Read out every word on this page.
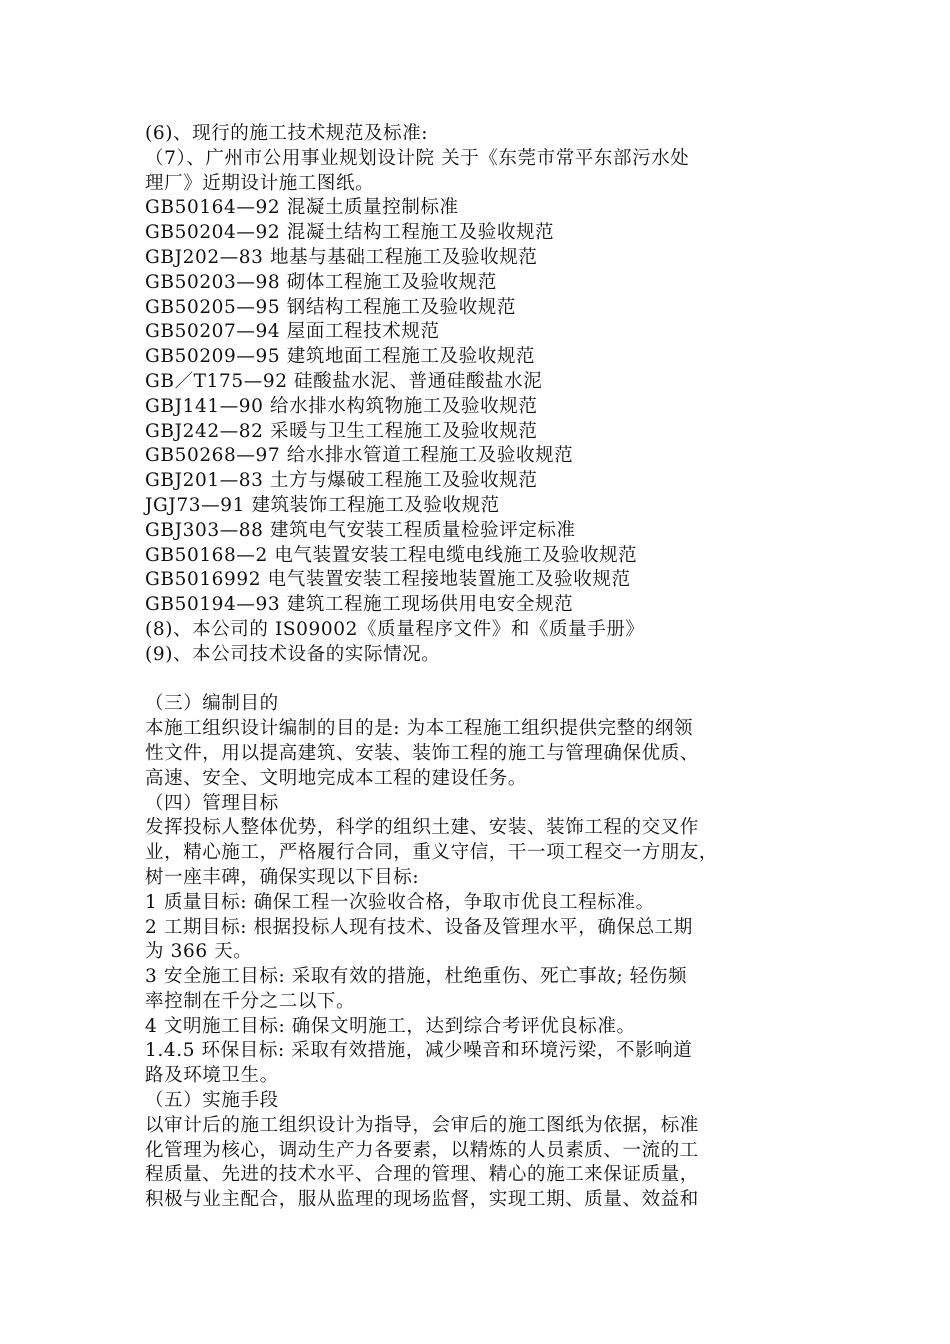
(6)、现行的施工技术规范及标准:
（7）、广州市公用事业规划设计院 关于《东莞市常平东部污水处
理厂》近期设计施工图纸。
GB50164—92 混凝土质量控制标准
GB50204—92 混凝土结构工程施工及验收规范
GBJ202—83 地基与基础工程施工及验收规范
GB50203—98 砌体工程施工及验收规范
GB50205—95 钢结构工程施工及验收规范
GB50207—94 屋面工程技术规范
GB50209—95 建筑地面工程施工及验收规范
GB／T175—92 硅酸盐水泥、普通硅酸盐水泥
GBJ141—90 给水排水构筑物施工及验收规范
GBJ242—82 采暖与卫生工程施工及验收规范
GB50268—97 给水排水管道工程施工及验收规范
GBJ201—83 土方与爆破工程施工及验收规范
JGJ73—91 建筑装饰工程施工及验收规范
GBJ303—88 建筑电气安装工程质量检验评定标准
GB50168—2 电气装置安装工程电缆电线施工及验收规范
GB5016992 电气装置安装工程接地装置施工及验收规范
GB50194—93 建筑工程施工现场供用电安全规范
(8)、本公司的 IS09002《质量程序文件》和《质量手册》
(9)、本公司技术设备的实际情况。
（三）编制目的
本施工组织设计编制的目的是: 为本工程施工组织提供完整的纲领
性文件，用以提高建筑、安装、装饰工程的施工与管理确保优质、
高速、安全、文明地完成本工程的建设任务。
（四）管理目标
发挥投标人整体优势，科学的组织土建、安装、装饰工程的交叉作
业，精心施工，严格履行合同，重义守信，干一项工程交一方朋友，
树一座丰碑，确保实现以下目标:
1 质量目标: 确保工程一次验收合格，争取市优良工程标准。
2 工期目标: 根据投标人现有技术、设备及管理水平，确保总工期
为 366 天。
3 安全施工目标: 采取有效的措施，杜绝重伤、死亡事故; 轻伤频
率控制在千分之二以下。
4 文明施工目标: 确保文明施工，达到综合考评优良标准。
1.4.5 环保目标: 采取有效措施，减少噪音和环境污梁，不影响道
路及环境卫生。
（五）实施手段
以审计后的施工组织设计为指导，会审后的施工图纸为依据，标准
化管理为核心，调动生产力各要素，以精炼的人员素质、一流的工
程质量、先进的技术水平、合理的管理、精心的施工来保证质量，
积极与业主配合，服从监理的现场监督，实现工期、质量、效益和
